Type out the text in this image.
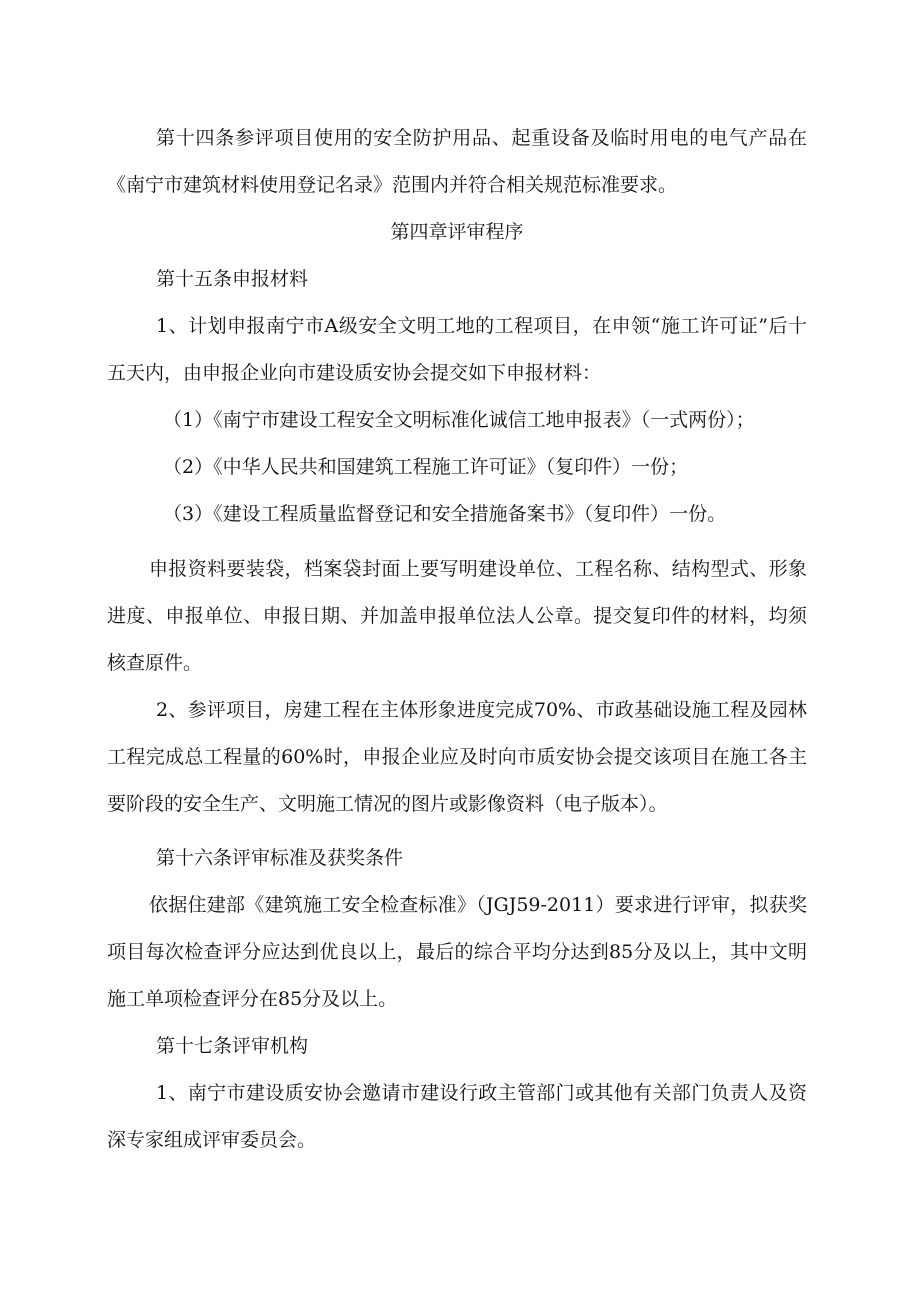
第十四条参评项目使用的安全防护用品、起重设备及临时用电的电气产品在《南宁市建筑材料使用登记名录》范围内并符合相关规范标准要求。

第四章评审程序

第十五条申报材料

1、计划申报南宁市A级安全文明工地的工程项目，在申领“施工许可证”后十五天内，由申报企业向市建设质安协会提交如下申报材料：

（1）《南宁市建设工程安全文明标准化诚信工地申报表》（一式两份）；

（2）《中华人民共和国建筑工程施工许可证》（复印件）一份；

（3）《建设工程质量监督登记和安全措施备案书》（复印件）一份。

申报资料要装袋，档案袋封面上要写明建设单位、工程名称、结构型式、形象进度、申报单位、申报日期、并加盖申报单位法人公章。提交复印件的材料，均须核查原件。

2、参评项目，房建工程在主体形象进度完成70%、市政基础设施工程及园林工程完成总工程量的60%时，申报企业应及时向市质安协会提交该项目在施工各主要阶段的安全生产、文明施工情况的图片或影像资料（电子版本）。

第十六条评审标准及获奖条件

依据住建部《建筑施工安全检查标准》（JGJ59-2011）要求进行评审，拟获奖项目每次检查评分应达到优良以上，最后的综合平均分达到85分及以上，其中文明施工单项检查评分在85分及以上。

第十七条评审机构

1、南宁市建设质安协会邀请市建设行政主管部门或其他有关部门负责人及资深专家组成评审委员会。
